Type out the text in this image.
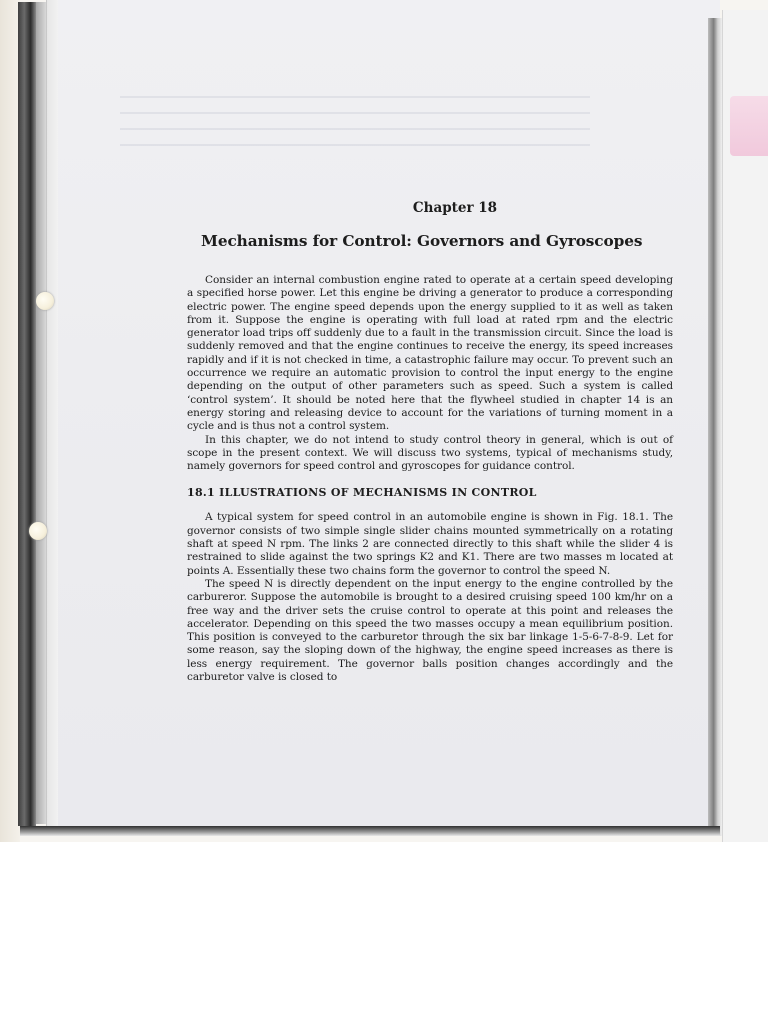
Chapter 18
Mechanisms for Control: Governors and Gyroscopes

Consider an internal combustion engine rated to operate at a certain speed developing a specified horse power. Let this engine be driving a generator to produce a corresponding electric power. The engine speed depends upon the energy supplied to it as well as taken from it. Suppose the engine is operating with full load at rated rpm and the electric generator load trips off suddenly due to a fault in the transmission circuit. Since the load is suddenly removed and that the engine continues to receive the energy, its speed increases rapidly and if it is not checked in time, a catastrophic failure may occur. To prevent such an occurrence we require an automatic provision to control the input energy to the engine depending on the output of other parameters such as speed. Such a system is called ‘control system’. It should be noted here that the flywheel studied in chapter 14 is an energy storing and releasing device to account for the variations of turning moment in a cycle and is thus not a control system.

In this chapter, we do not intend to study control theory in general, which is out of scope in the present context. We will discuss two systems, typical of mechanisms study, namely governors for speed control and gyroscopes for guidance control.

18.1 ILLUSTRATIONS OF MECHANISMS IN CONTROL

A typical system for speed control in an automobile engine is shown in Fig. 18.1. The governor consists of two simple single slider chains mounted symmetrically on a rotating shaft at speed N rpm. The links 2 are connected directly to this shaft while the slider 4 is restrained to slide against the two springs K2 and K1. There are two masses m located at points A. Essentially these two chains form the governor to control the speed N.

The speed N is directly dependent on the input energy to the engine controlled by the carbureror. Suppose the automobile is brought to a desired cruising speed 100 km/hr on a free way and the driver sets the cruise control to operate at this point and releases the accelerator. Depending on this speed the two masses occupy a mean equilibrium position. This position is conveyed to the carburetor through the six bar linkage 1-5-6-7-8-9. Let for some reason, say the sloping down of the highway, the engine speed increases as there is less energy requirement. The governor balls position changes accordingly and the carburetor valve is closed to
